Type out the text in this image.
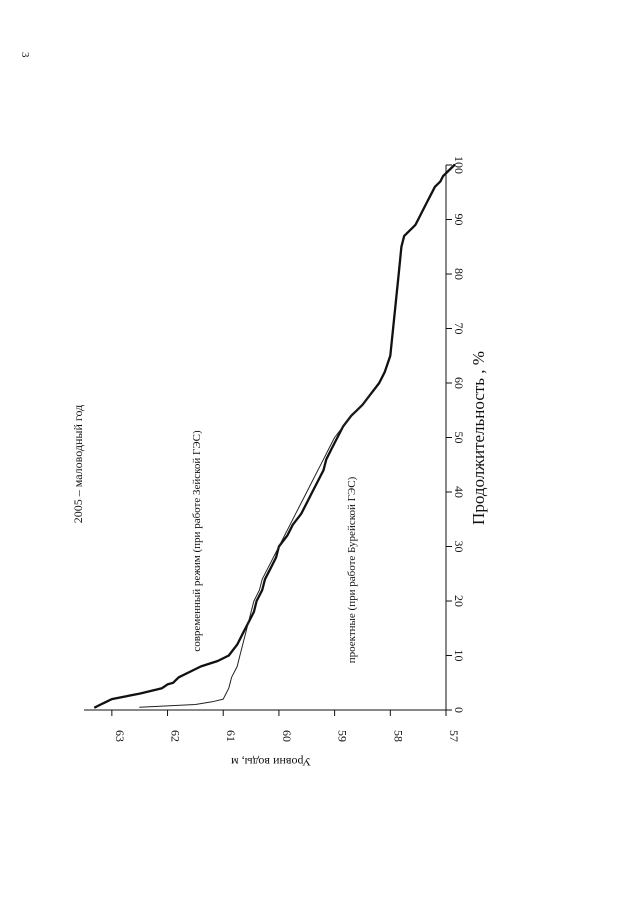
3
57
58
59
60
61
62
63
0
10
20
30
40
50
60
70
80
90
100
2005 – маловодный год
Уровни воды, м
Продолжительность , %
современный режим (при работе Зейской ГЭС)	проектные (при работе Бурейской ГЭС)
